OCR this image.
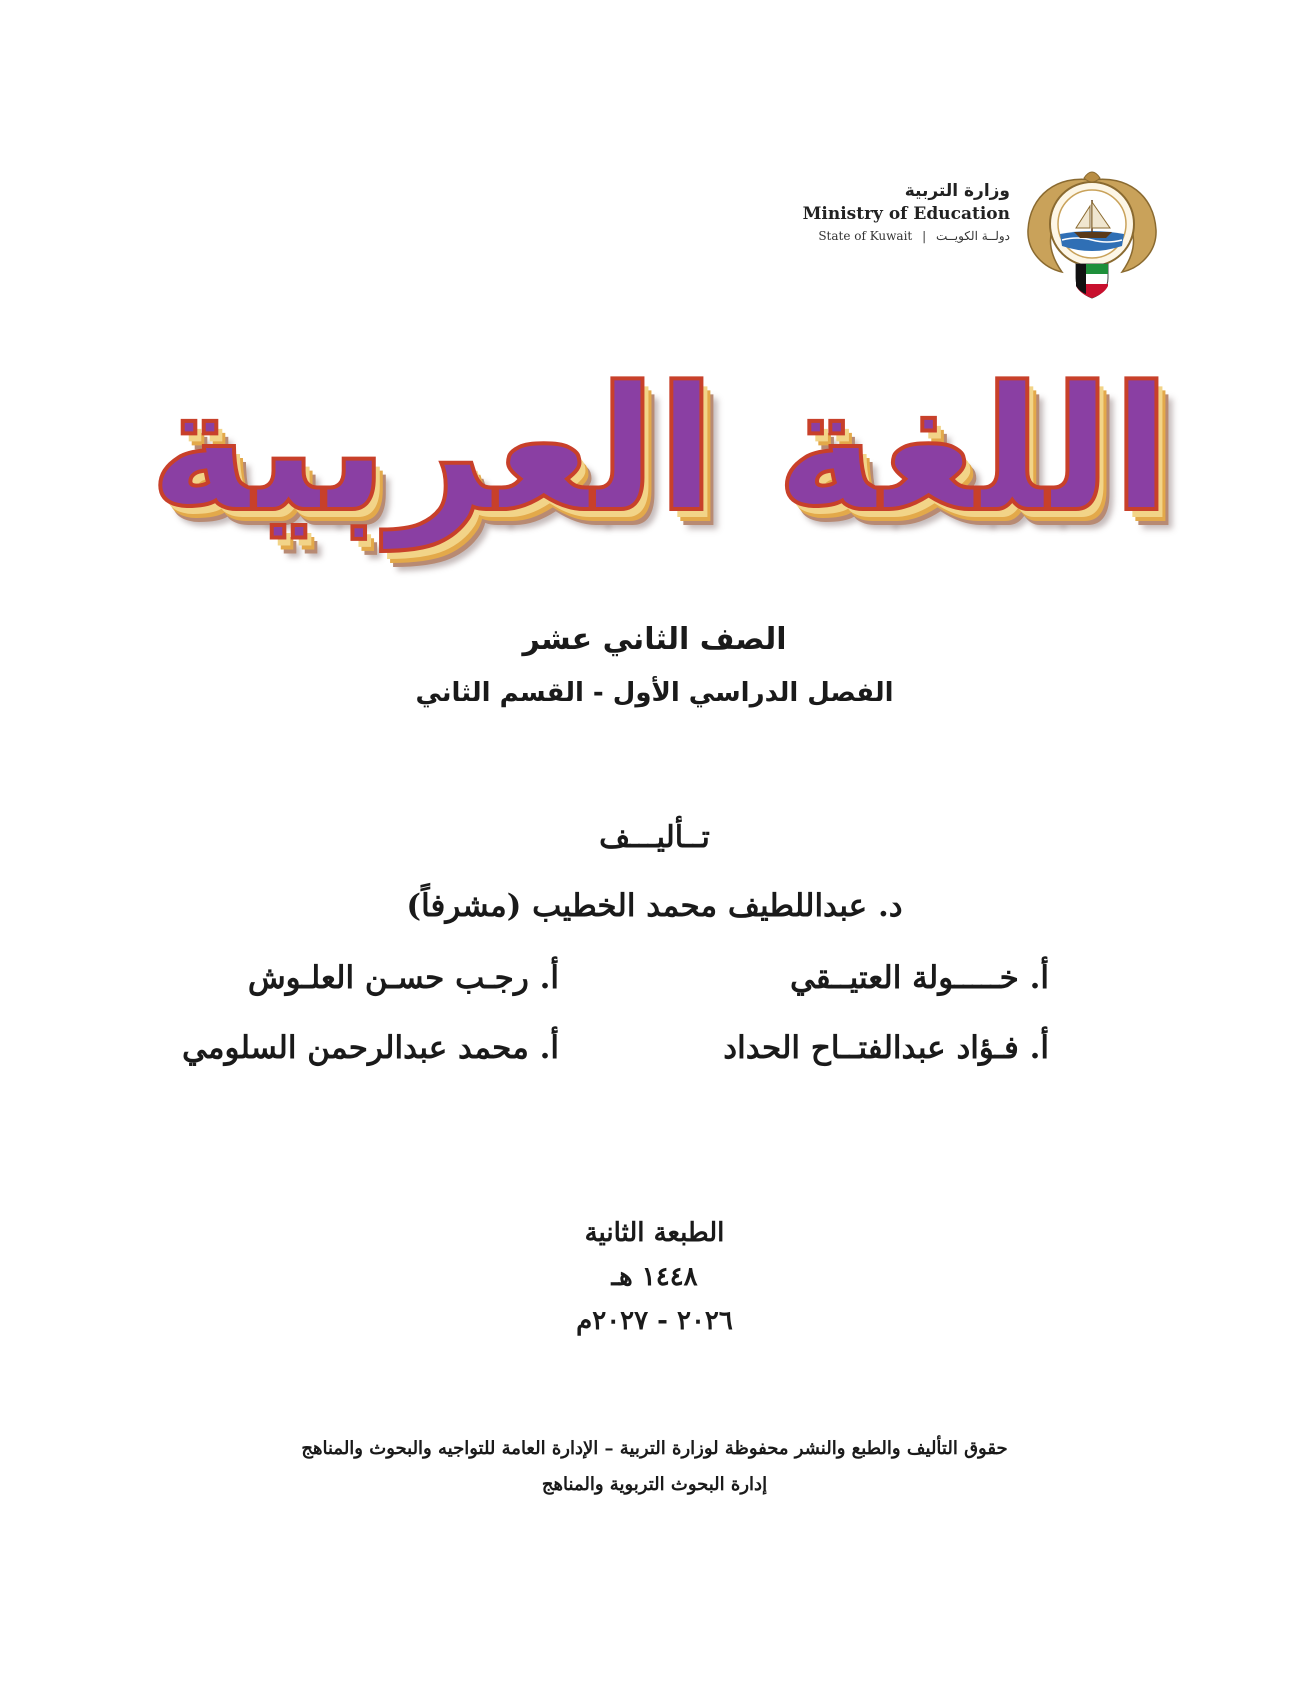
وزارة التربية
Ministry of Education
State of Kuwait | دولــة الكويــت
اللغة العربية
الصف الثاني عشر
الفصل الدراسي الأول - القسم الثاني
تــأليـــف
د. عبداللطيف محمد الخطيب (مشرفاً)
أ. خـــــولة العتيــقي
أ. رجـب حسـن العلـوش
أ. فـؤاد عبدالفتــاح الحداد
أ. محمد عبدالرحمن السلومي
الطبعة الثانية
١٤٤٨ هـ
٢٠٢٦ - ٢٠٢٧م
حقوق التأليف والطبع والنشر محفوظة لوزارة التربية – الإدارة العامة للتواجيه والبحوث والمناهج
إدارة البحوث التربوية والمناهج
